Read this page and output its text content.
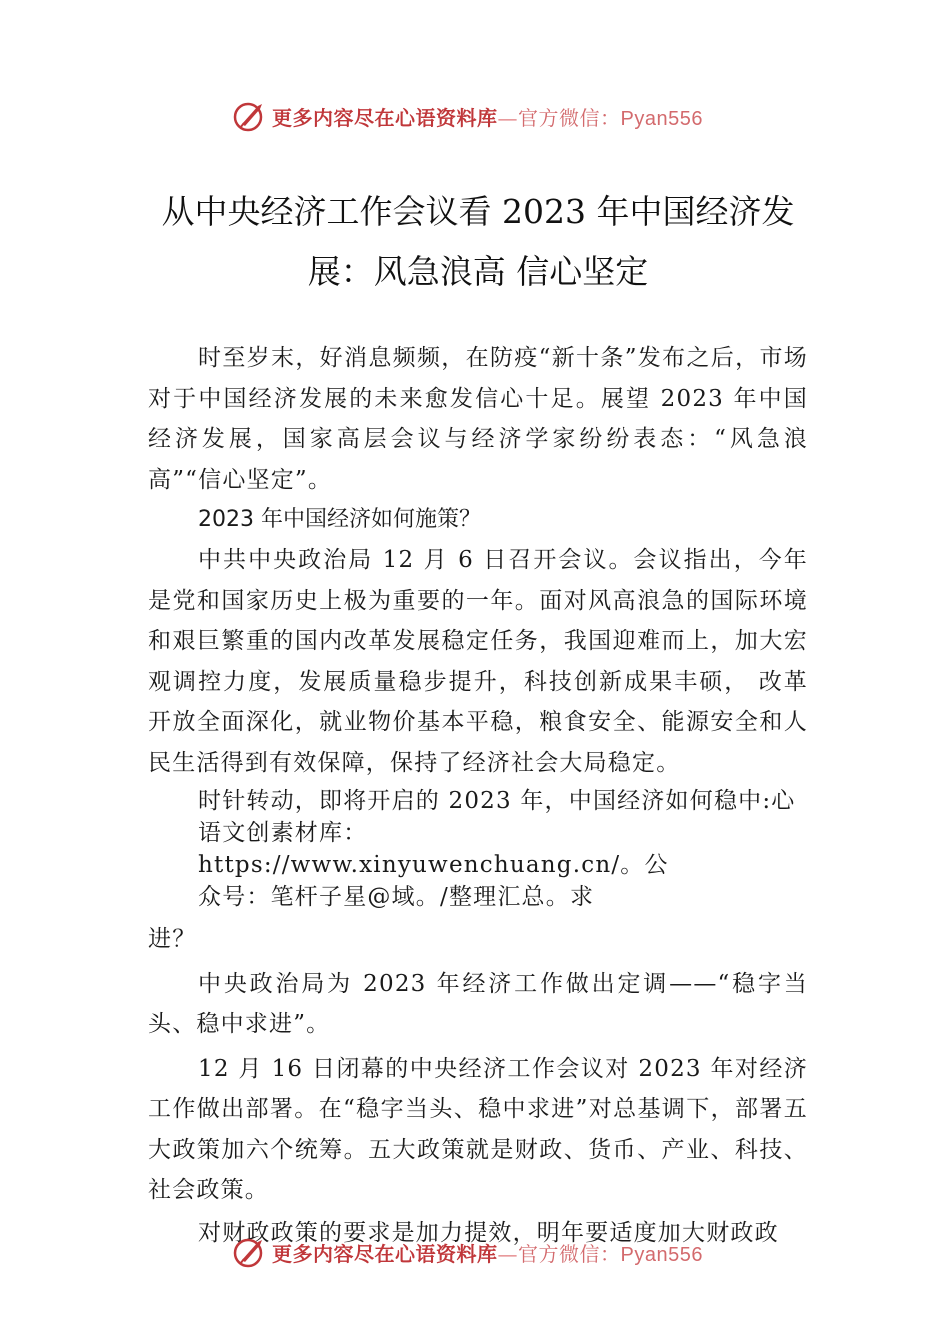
更多内容尽在心语资料库—官方微信：Pyan556
从中央经济工作会议看 2023 年中国经济发
展：风急浪高 信心坚定

时至岁末，好消息频频，在防疫“新十条”发布之后，市场对于中国经济发展的未来愈发信心十足。展望 2023 年中国经济发展，国家高层会议与经济学家纷纷表态：“风急浪高”“信心坚定”。

2023 年中国经济如何施策？

中共中央政治局 12 月 6 日召开会议。会议指出，今年是党和国家历史上极为重要的一年。面对风高浪急的国际环境和艰巨繁重的国内改革发展稳定任务，我国迎难而上，加大宏观调控力度，发展质量稳步提升，科技创新成果丰硕， 改革开放全面深化，就业物价基本平稳，粮食安全、能源安全和人民生活得到有效保障，保持了经济社会大局稳定。

时针转动，即将开启的 2023 年，中国经济如何稳中:心

语文创素材库：https://www.xinyuwenchuang.cn/。公

众号：笔杆子星@域。/整理汇总。求

进？

中央政治局为 2023 年经济工作做出定调——“稳字当头、稳中求进”。

12 月 16 日闭幕的中央经济工作会议对 2023 年对经济工作做出部署。在“稳字当头、稳中求进”对总基调下，部署五大政策加六个统筹。五大政策就是财政、货币、产业、科技、社会政策。

对财政政策的要求是加力提效，明年要适度加大财政政

更多内容尽在心语资料库—官方微信：Pyan556
